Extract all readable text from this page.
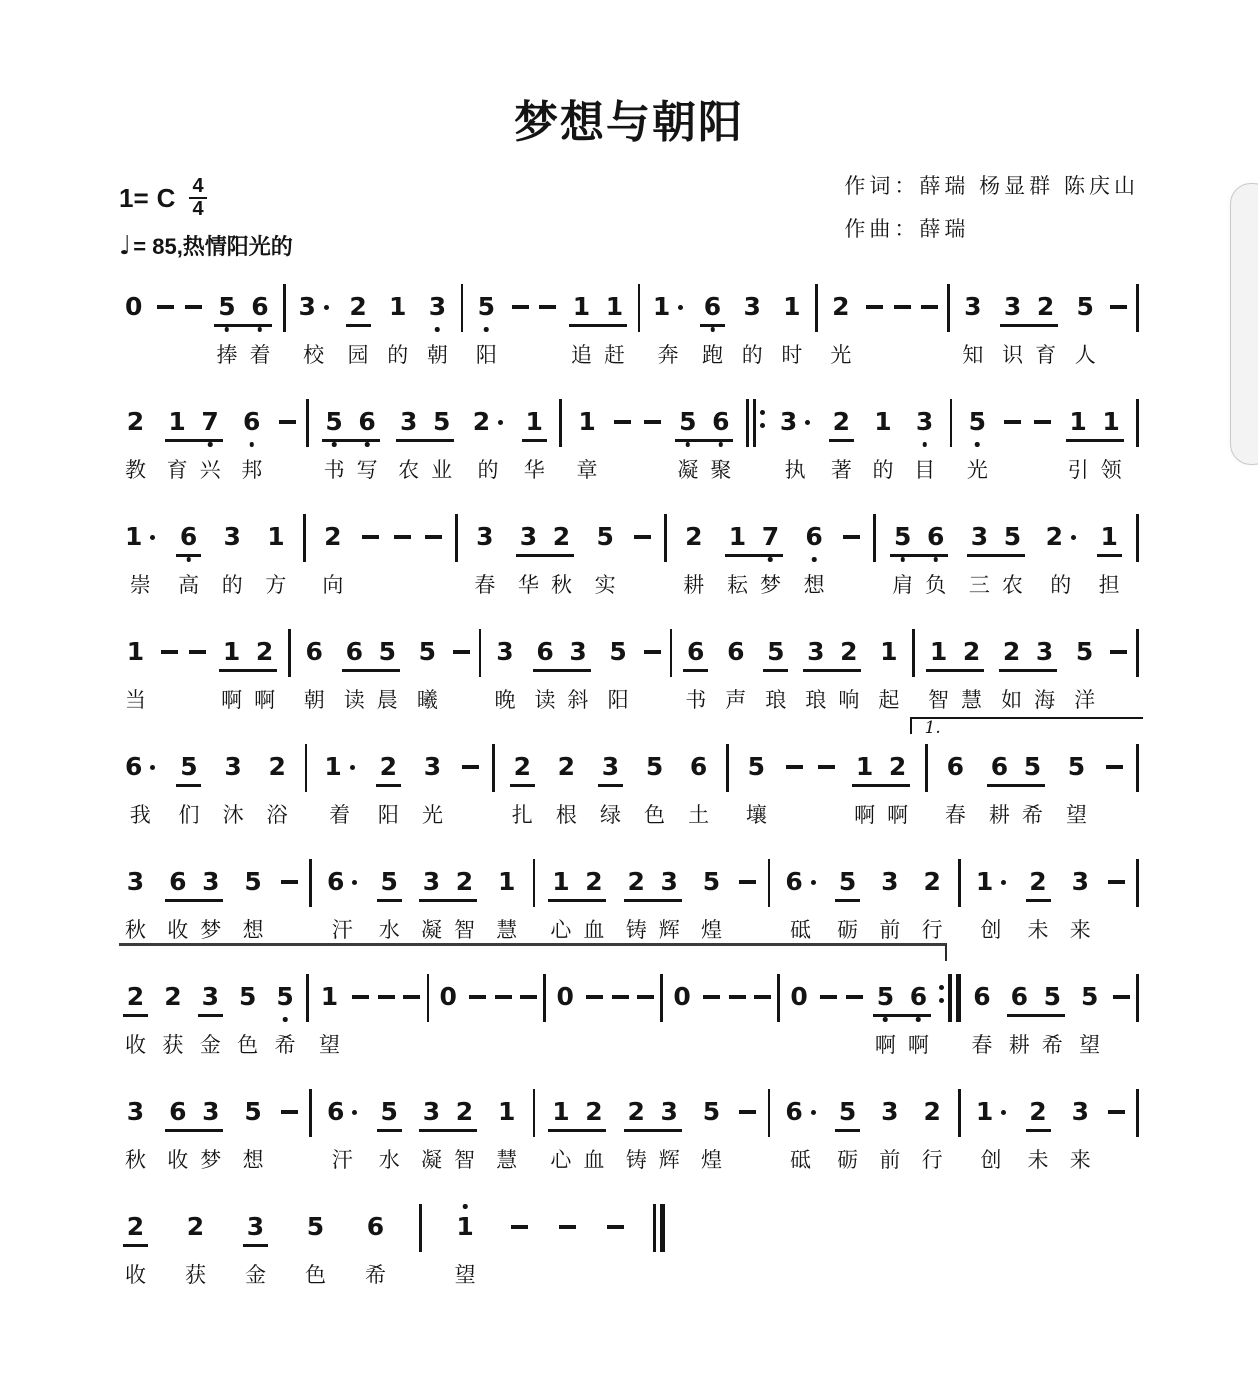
梦想与朝阳
1= C $\frac{4}{4}$
♩ = 85,热情阳光的
作词：薛瑞 杨显群 陈庆山
作曲：薛瑞
0	5
捧
6
着
3
校
2
园
1
的
3
朝
5
阳
1
追
1
赶
1
奔
6
跑
3
的
1
时
2
光
3
知
3
识
2
育
5
人
2
教
1
育
7
兴
6
邦
5
书
6
写
3
农
5
业
2
的
1
华
1
章
5
凝
6
聚
3
执
2
著
1
的
3
目
5
光
1
引
1
领
1
崇
6
高
3
的
1
方
2
向
3
春
3
华
2
秋
5
实
2
耕
1
耘
7
梦
6
想
5
肩
6
负
3
三
5
农
2
的
1
担
1
当
1
啊
2
啊
6
朝
6
读
5
晨
5
曦
3
晚
6
读
3
斜
5
阳
6
书
6
声
5
琅
3
琅
2
响
1
起
1
智
2
慧
2
如
3
海
5
洋
1.
6
我
5
们
3
沐
2
浴
1
着
2
阳
3
光
2
扎
2
根
3
绿
5
色
6
土
5
壤
1
啊
2
啊
6
春
6
耕
5
希
5
望
3
秋
6
收
3
梦
5
想
6
汗
5
水
3
凝
2
智
1
慧
1
心
2
血
2
铸
3
辉
5
煌
6
砥
5
砺
3
前
2
行
1
创
2
未
3
来
2
收
2
获
3
金
5
色
5
希
1
望
0	0	0	0	5
啊
6
啊
6
春
6
耕
5
希
5
望
3
秋
6
收
3
梦
5
想
6
汗
5
水
3
凝
2
智
1
慧
1
心
2
血
2
铸
3
辉
5
煌
6
砥
5
砺
3
前
2
行
1
创
2
未
3
来
2
收
2
获
3
金
5
色
6
希
1
望
